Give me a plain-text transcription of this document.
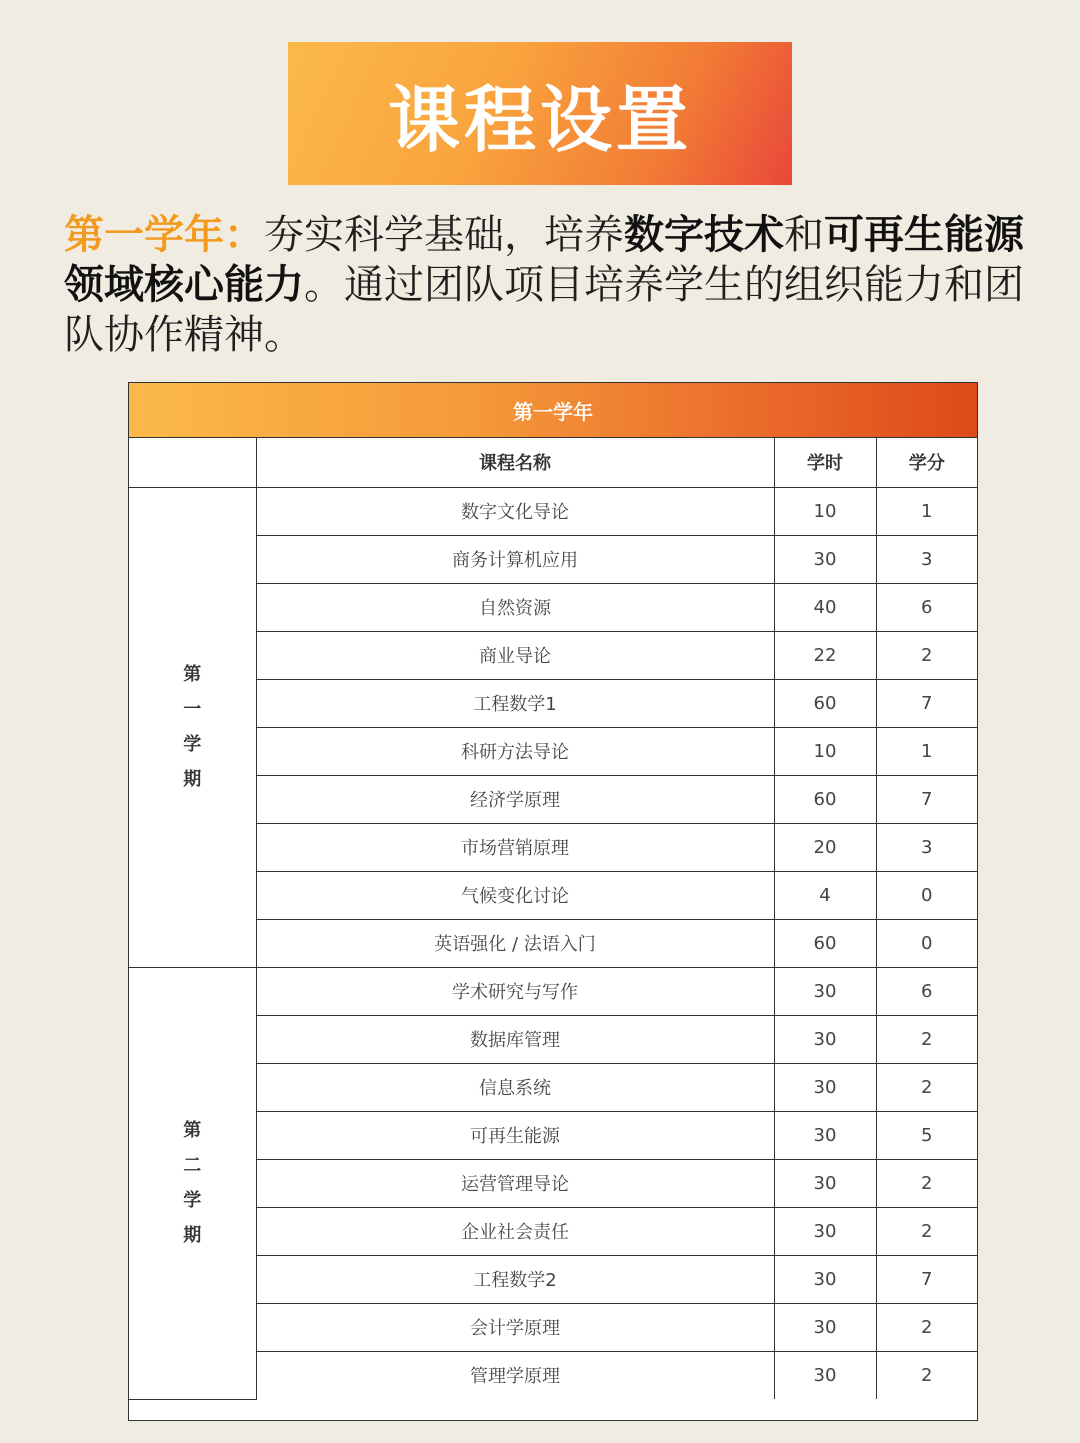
课程设置
第一学年：夯实科学基础，培养数字技术和可再生能源领域核心能力。通过团队项目培养学生的组织能力和团队协作精神。
第一学年
	课程名称	学时	学分

第
一
学
期	数字文化导论	10	1
	商务计算机应用	30	3
	自然资源	40	6
	商业导论	22	2
	工程数学1	60	7
	科研方法导论	10	1
	经济学原理	60	7
	市场营销原理	20	3
	气候变化讨论	4	0
	英语强化 / 法语入门	60	0

第
二
学
期	学术研究与写作	30	6
	数据库管理	30	2
	信息系统	30	2
	可再生能源	30	5
	运营管理导论	30	2
	企业社会责任	30	2
	工程数学2	30	7
	会计学原理	30	2
	管理学原理	30	2
